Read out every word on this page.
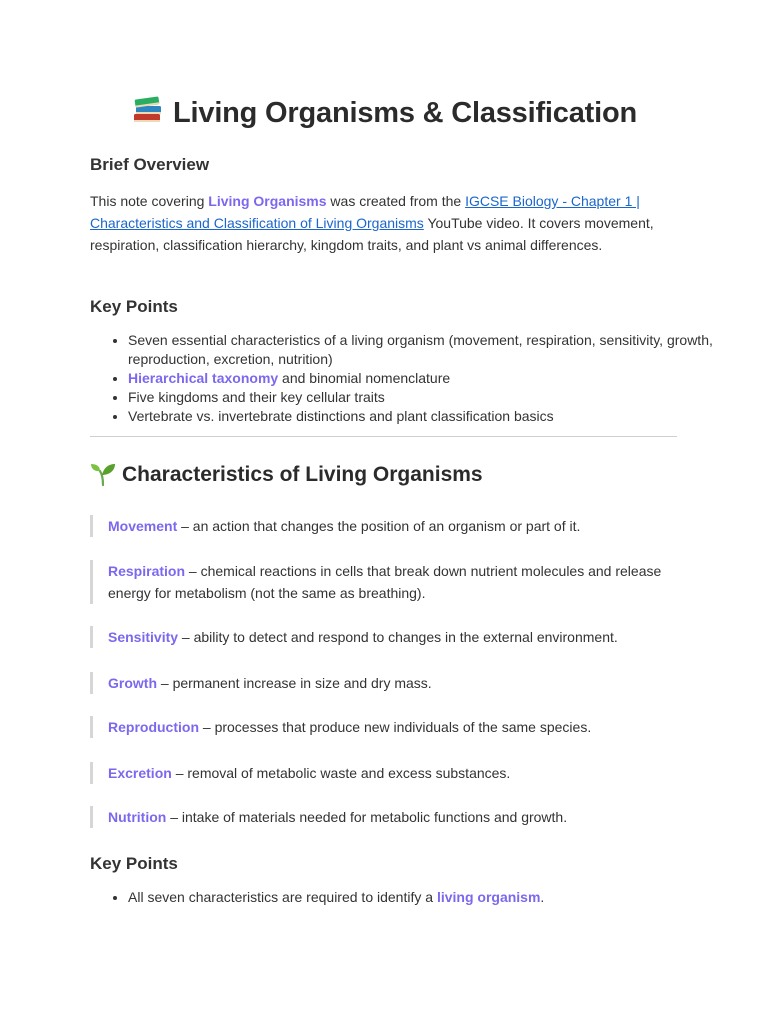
Living Organisms & Classification
Brief Overview

This note covering Living Organisms was created from the IGCSE Biology - Chapter 1 | Characteristics and Classification of Living Organisms YouTube video. It covers movement, respiration, classification hierarchy, kingdom traits, and plant vs animal differences.

Key Points
• Seven essential characteristics of a living organism (movement, respiration, sensitivity, growth, reproduction, excretion, nutrition)
• Hierarchical taxonomy and binomial nomenclature
• Five kingdoms and their key cellular traits
• Vertebrate vs. invertebrate distinctions and plant classification basics
Characteristics of Living Organisms
Movement – an action that changes the position of an organism or part of it.
Respiration – chemical reactions in cells that break down nutrient molecules and release energy for metabolism (not the same as breathing).
Sensitivity – ability to detect and respond to changes in the external environment.
Growth – permanent increase in size and dry mass.
Reproduction – processes that produce new individuals of the same species.
Excretion – removal of metabolic waste and excess substances.
Nutrition – intake of materials needed for metabolic functions and growth.
Key Points
• All seven characteristics are required to identify a living organism.
